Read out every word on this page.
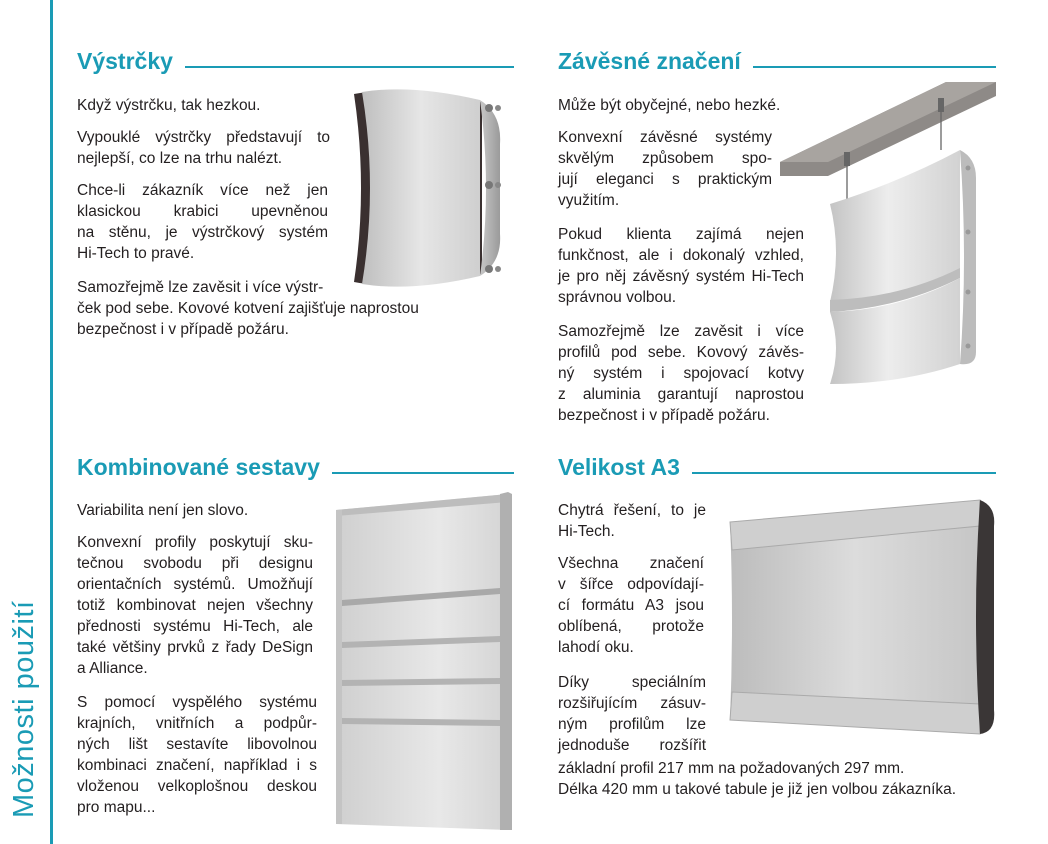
Možnosti použití
Výstrčky
Když výstrčku, tak hezkou.
Vypouklé výstrčky představují to
nejlepší, co lze na trhu nalézt.
Chce-li zákazník více než jen
klasickou krabici upevněnou
na stěnu, je výstrčkový systém
Hi-Tech to pravé.
Samozřejmě lze zavěsit i více výstr-
ček pod sebe. Kovové kotvení zajišťuje naprostou
bezpečnost i v případě požáru.
Závěsné značení
Může být obyčejné, nebo hezké.
Konvexní závěsné systémy
skvělým způsobem spo-
jují eleganci s praktickým
využitím.
Pokud klienta zajímá nejen
funkčnost, ale i dokonalý vzhled,
je pro něj závěsný systém Hi-Tech
správnou volbou.
Samozřejmě lze zavěsit i více
profilů pod sebe. Kovový závěs-
ný systém i spojovací kotvy
z aluminia garantují naprostou
bezpečnost i v případě požáru.
Kombinované sestavy
Variabilita není jen slovo.
Konvexní profily poskytují sku-
tečnou svobodu při designu
orientačních systémů. Umožňují
totiž kombinovat nejen všechny
přednosti systému Hi-Tech, ale
také většiny prvků z řady DeSign
a Alliance.
S pomocí vyspělého systému
krajních, vnitřních a podpůr-
ných lišt sestavíte libovolnou
kombinaci značení, například i s
vloženou velkoplošnou deskou
pro mapu...
Velikost A3
Chytrá řešení, to je
Hi-Tech.
Všechna značení
v šířce odpovídají-
cí formátu A3 jsou
oblíbená, protože
lahodí oku.
Díky speciálním
rozšiřujícím zásuv-
ným profilům lze
jednoduše rozšířit
základní profil 217 mm na požadovaných 297 mm.
Délka 420 mm u takové tabule je již jen volbou zákazníka.
